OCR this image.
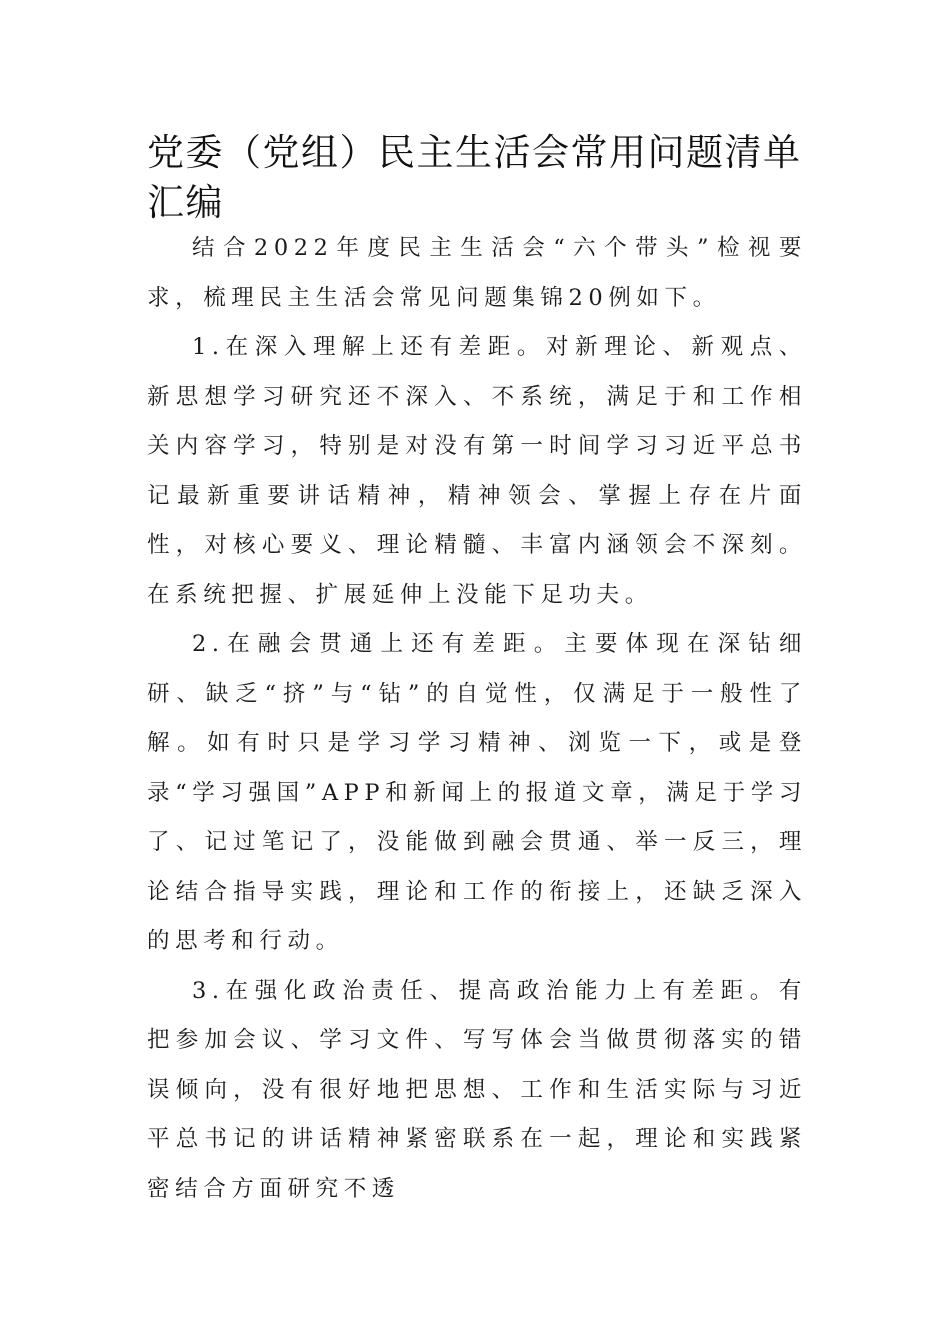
党委（党组）民主生活会常用问题清单汇编

结合2022年度民主生活会“六个带头”检视要求，梳理民主生活会常见问题集锦20例如下。

1.在深入理解上还有差距。对新理论、新观点、新思想学习研究还不深入、不系统，满足于和工作相关内容学习，特别是对没有第一时间学习习近平总书记最新重要讲话精神，精神领会、掌握上存在片面性，对核心要义、理论精髓、丰富内涵领会不深刻。在系统把握、扩展延伸上没能下足功夫。

2.在融会贯通上还有差距。主要体现在深钻细研、缺乏“挤”与“钻”的自觉性，仅满足于一般性了解。如有时只是学习学习精神、浏览一下，或是登录“学习强国”APP和新闻上的报道文章，满足于学习了、记过笔记了，没能做到融会贯通、举一反三，理论结合指导实践，理论和工作的衔接上，还缺乏深入的思考和行动。

3.在强化政治责任、提高政治能力上有差距。有把参加会议、学习文件、写写体会当做贯彻落实的错误倾向，没有很好地把思想、工作和生活实际与习近平总书记的讲话精神紧密联系在一起，理论和实践紧密结合方面研究不透
